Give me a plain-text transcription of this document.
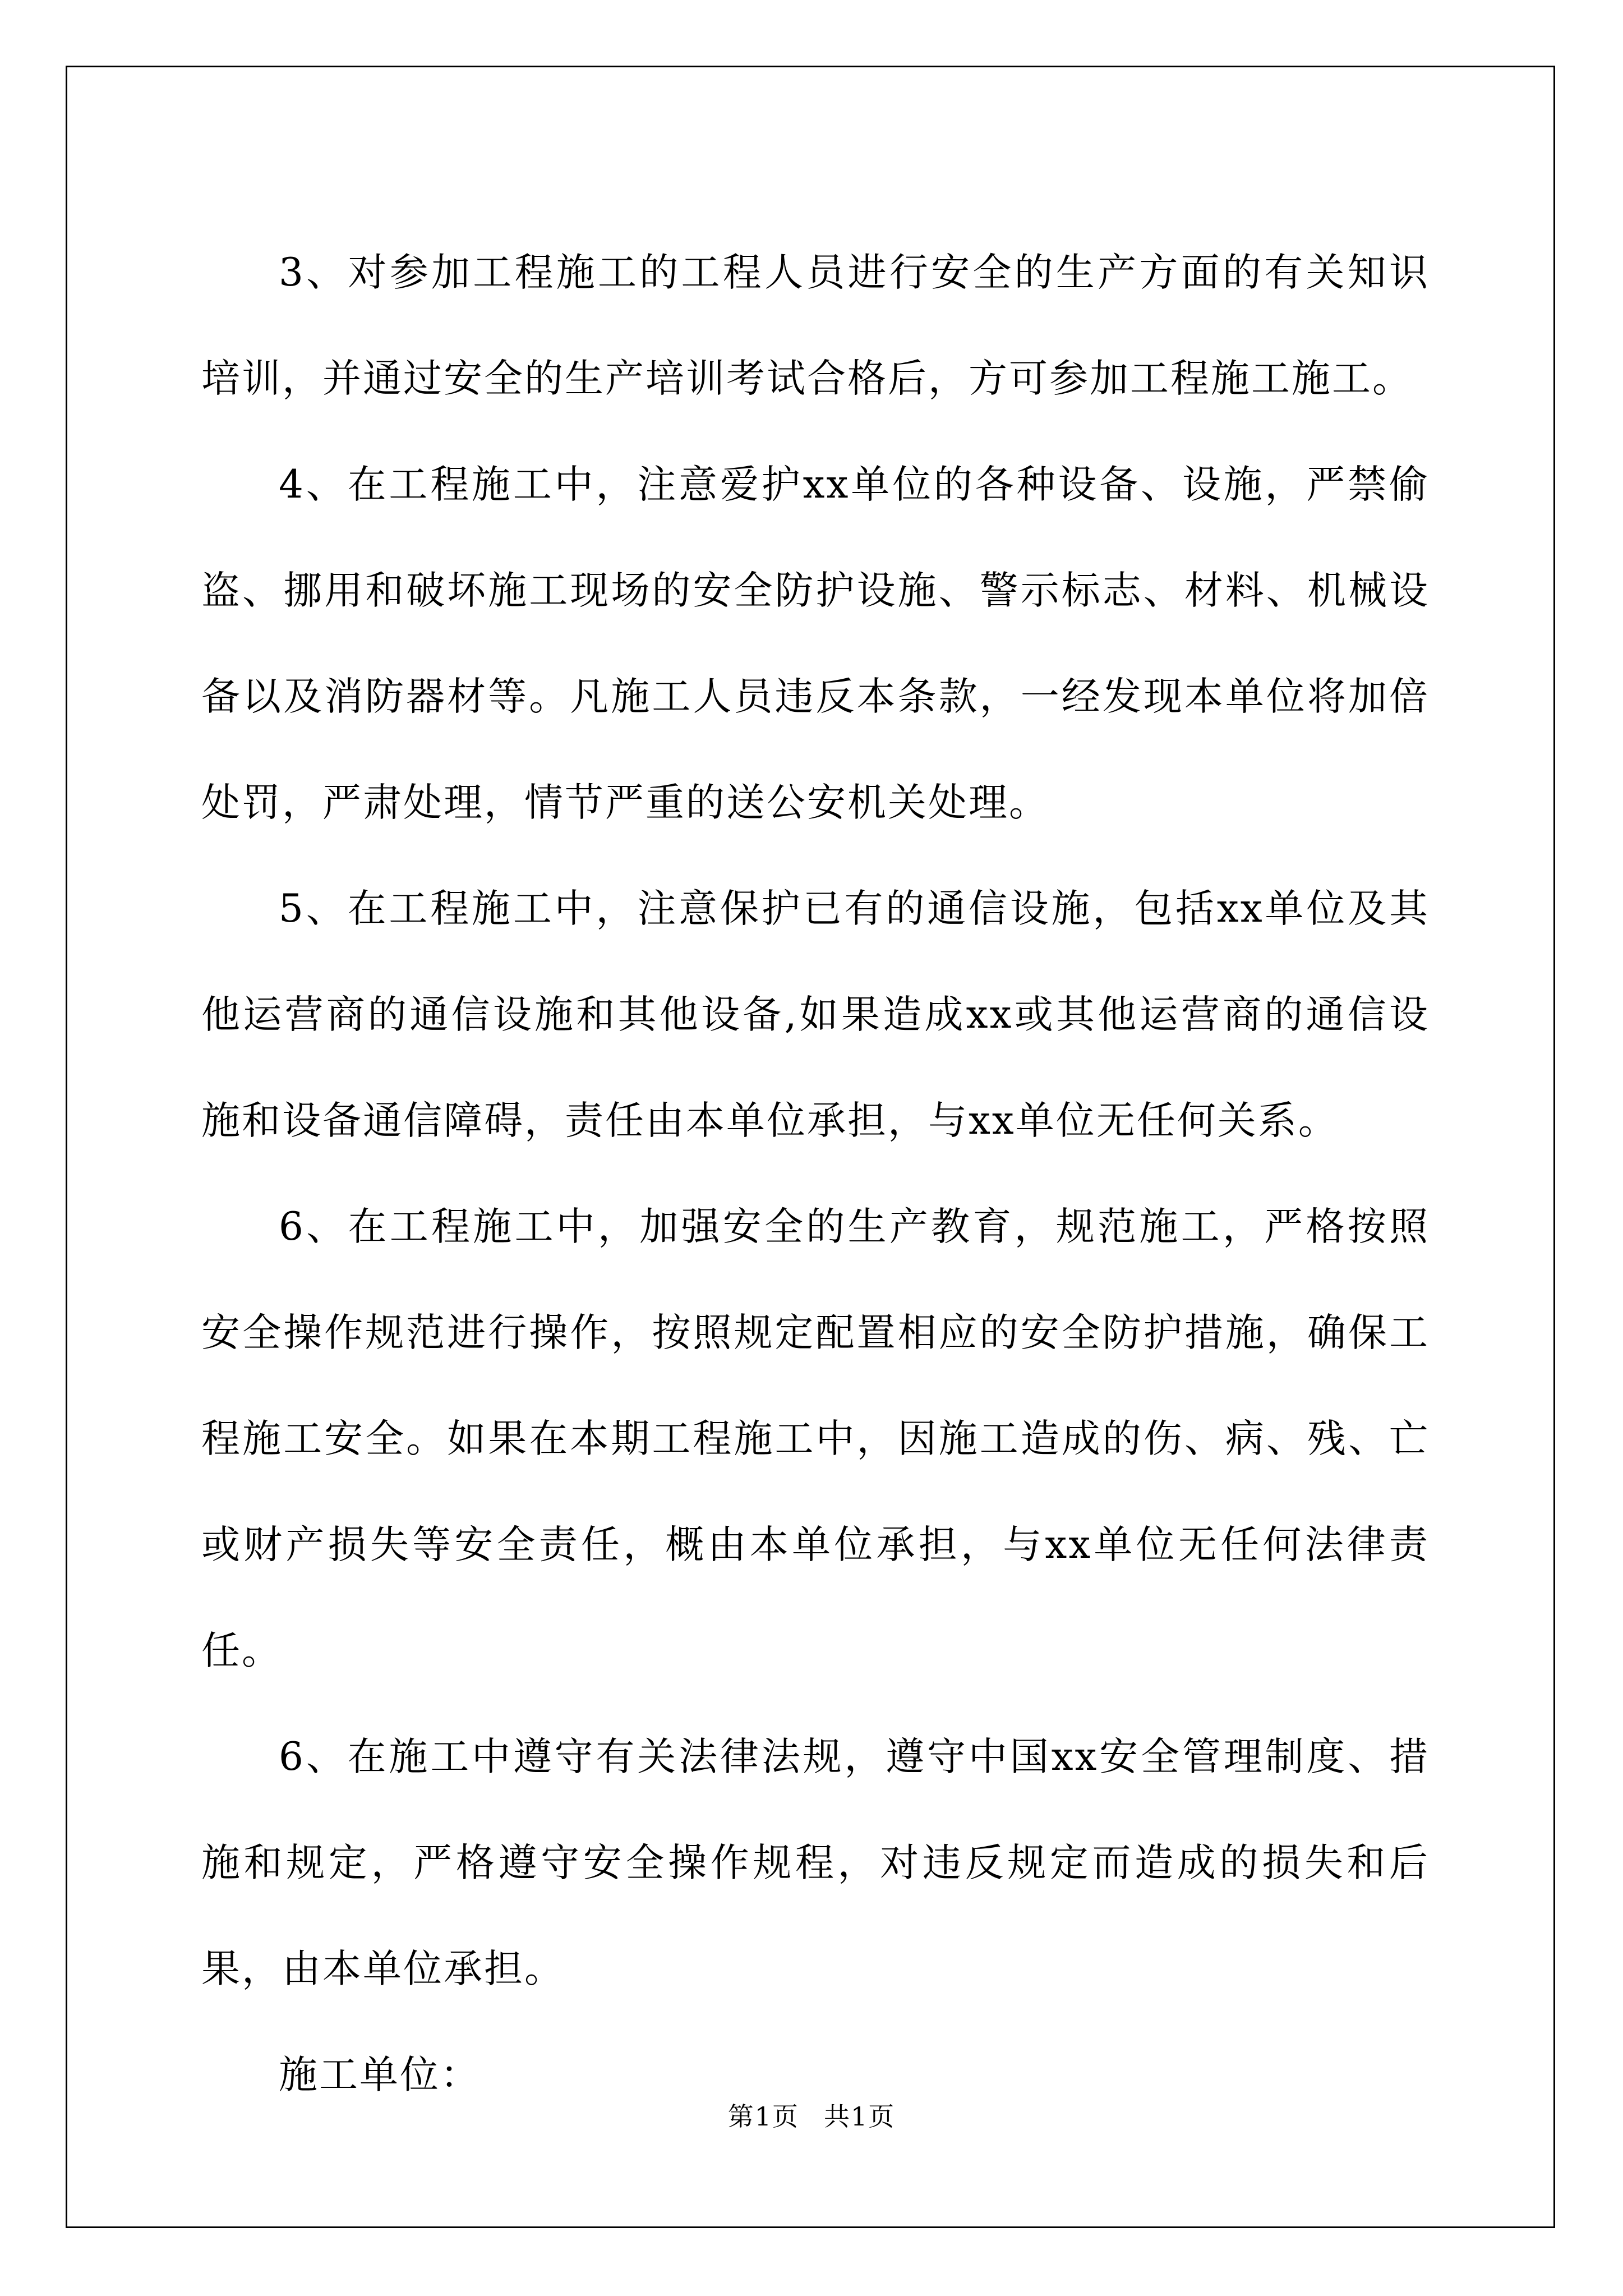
3、对参加工程施工的工程人员进行安全的生产方面的有关知识培训，并通过安全的生产培训考试合格后，方可参加工程施工施工。

4、在工程施工中，注意爱护xx单位的各种设备、设施，严禁偷盗、挪用和破坏施工现场的安全防护设施、警示标志、材料、机械设备以及消防器材等。凡施工人员违反本条款，一经发现本单位将加倍处罚，严肃处理，情节严重的送公安机关处理。

5、在工程施工中，注意保护已有的通信设施，包括xx单位及其他运营商的通信设施和其他设备,如果造成xx或其他运营商的通信设施和设备通信障碍，责任由本单位承担，与xx单位无任何关系。

6、在工程施工中，加强安全的生产教育，规范施工，严格按照安全操作规范进行操作，按照规定配置相应的安全防护措施，确保工程施工安全。如果在本期工程施工中，因施工造成的伤、病、残、亡或财产损失等安全责任，概由本单位承担，与xx单位无任何法律责任。

6、在施工中遵守有关法律法规，遵守中国xx安全管理制度、措施和规定，严格遵守安全操作规程，对违反规定而造成的损失和后果，由本单位承担。

施工单位：

第1页 共1页
